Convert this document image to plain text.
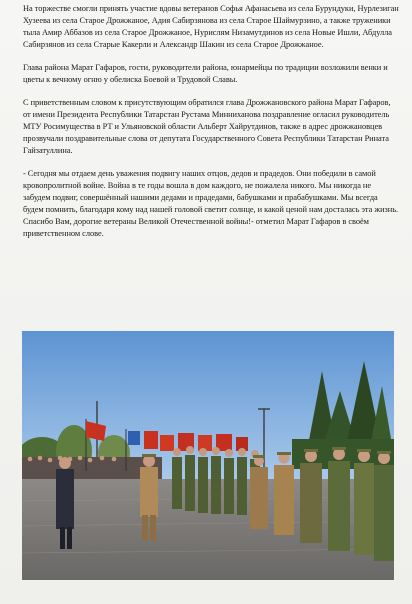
На торжестве смогли принять участие вдовы ветеранов Софья Афанасьева из села Бурундуки, Нурлезиган Хузеева из села Старое Дрожжаное, Адия Сабирзянова из села Старое Шаймурзино, а также труженики тыла Амир Аббазов из села Старое Дрожжаное, Нурислям Низамутдинов из села Новые Ишли, Абдулла Сабирзянов из села Старые Какерли и Александр Шакин из села Старое Дрожжаное.

Глава района Марат Гафаров, гости, руководители района, юнармейцы по традиции возложили венки и цветы к вечному огню у обелиска Боевой и Трудовой Славы.

С приветственным словом к присутствующим обратился глава Дрожжановского района Марат Гафаров, от имени Президента Республики Татарстан Рустама Минниханова поздравление огласил руководитель МТУ Росимущества в РТ и Ульяновской области Альберт Хайрутдинов, также в адрес дрожжановцев прозвучали поздравительные слова от депутата Государственного Совета Республики Татарстан Рината Гайзатуллина.

- Сегодня мы отдаем день уважения подвигу наших отцов, дедов и прадедов. Они победили в самой кровопролитной войне. Война в те годы вошла в дом каждого, не пожалела никого. Мы никогда не забудем подвиг, совершённый нашими дедами и прадедами, бабушками и прабабушками. Мы всегда будем помнить, благодаря кому над нашей головой светит солнце, и какой ценой нам досталась эта жизнь. Спасибо Вам, дорогие ветераны Великой Отечественной войны!- отметил Марат Гафаров в своём приветственном слове.
